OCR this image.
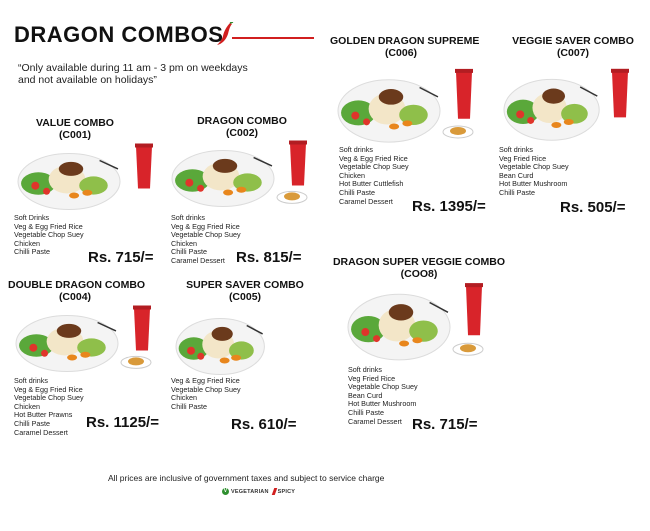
DRAGON COMBOS
“Only available during 11 am - 3 pm on weekdays and not available on holidays”
VALUE COMBO
(C001)
Soft Drinks
Veg & Egg Fried Rice
Vegetable Chop Suey
Chicken
Chilli Paste	Rs. 715/=
DRAGON COMBO
(C002)
Soft drinks
Veg & Egg Fried Rice
Vegetable Chop Suey
Chicken
Chilli Paste
Caramel Dessert Rs. 815/=
DOUBLE DRAGON COMBO
(C004)
Soft drinks
Veg & Egg Fried Rice
Vegetable Chop Suey
Chicken
Hot Butter Prawns
Chilli Paste
Caramel Dessert
Rs. 1125/=
SUPER SAVER COMBO
(C005)
Veg & Egg Fried Rice
Vegetable Chop Suey
Chicken
Chilli Paste
Rs. 610/=
GOLDEN DRAGON SUPREME
(C006)
Soft drinks
Veg & Egg Fried Rice
Vegetable Chop Suey
Chicken
Hot Butter Cuttlefish
Chilli Paste
Caramel Dessert	Rs. 1395/=
VEGGIE SAVER COMBO
(C007)
Soft drinks
Veg Fried Rice
Vegetable Chop Suey
Bean Curd
Hot Butter Mushroom
Chilli Paste
Rs. 505/=
DRAGON SUPER VEGGIE COMBO
(COO8)
Soft drinks
Veg Fried Rice
Vegetable Chop Suey
Bean Curd
Hot Butter Mushroom
Chilli Paste
Caramel Dessert Rs. 715/=
All prices are inclusive of government taxes and subject to service charge
V VEGETARIAN SPICY
